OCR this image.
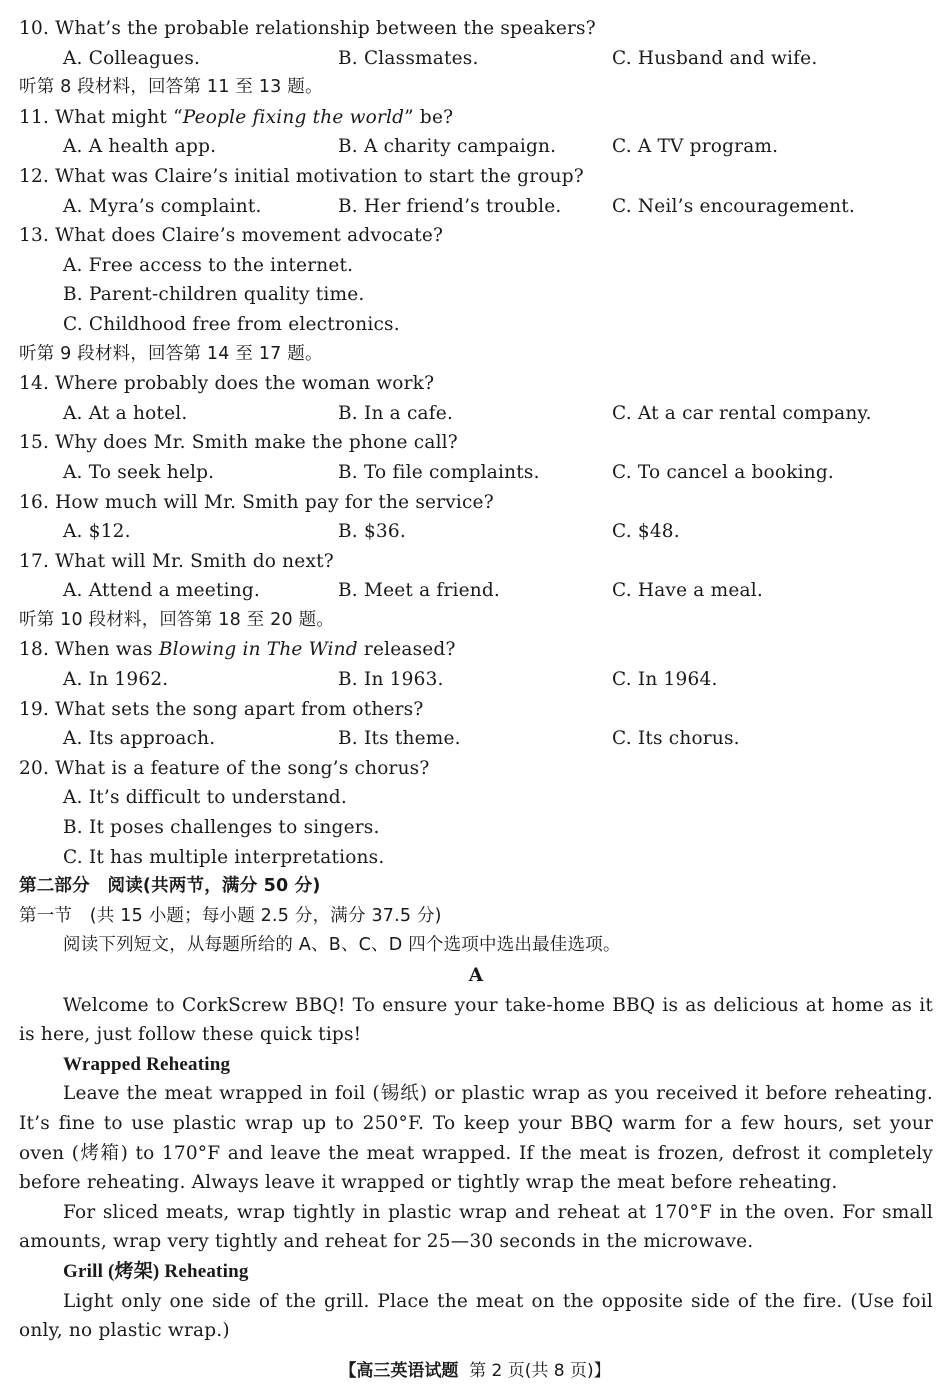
10. What’s the probable relationship between the speakers?
A. Colleagues.	B. Classmates.	C. Husband and wife.
听第 8 段材料，回答第 11 至 13 题。
11. What might “People fixing the world” be?
A. A health app.	B. A charity campaign.	C. A TV program.
12. What was Claire’s initial motivation to start the group?
A. Myra’s complaint.	B. Her friend’s trouble.	C. Neil’s encouragement.
13. What does Claire’s movement advocate?
A. Free access to the internet.
B. Parent-children quality time.
C. Childhood free from electronics.
听第 9 段材料，回答第 14 至 17 题。
14. Where probably does the woman work?
A. At a hotel.	B. In a cafe.	C. At a car rental company.
15. Why does Mr. Smith make the phone call?
A. To seek help.	B. To file complaints.	C. To cancel a booking.
16. How much will Mr. Smith pay for the service?
A. $12.	B. $36.	C. $48.
17. What will Mr. Smith do next?
A. Attend a meeting.	B. Meet a friend.	C. Have a meal.
听第 10 段材料，回答第 18 至 20 题。
18. When was Blowing in The Wind released?
A. In 1962.	B. In 1963.	C. In 1964.
19. What sets the song apart from others?
A. Its approach.	B. Its theme.	C. Its chorus.
20. What is a feature of the song’s chorus?
A. It’s difficult to understand.
B. It poses challenges to singers.
C. It has multiple interpretations.
第二部分　阅读(共两节，满分 50 分)
第一节　(共 15 小题；每小题 2.5 分，满分 37.5 分)
阅读下列短文，从每题所给的 A、B、C、D 四个选项中选出最佳选项。
A

Welcome to CorkScrew BBQ! To ensure your take-home BBQ is as delicious at home as it is here, just follow these quick tips!

Wrapped Reheating

Leave the meat wrapped in foil (锡纸) or plastic wrap as you received it before reheating. It’s fine to use plastic wrap up to 250°F. To keep your BBQ warm for a few hours, set your oven (烤箱) to 170°F and leave the meat wrapped. If the meat is frozen, defrost it completely before reheating. Always leave it wrapped or tightly wrap the meat before reheating.

For sliced meats, wrap tightly in plastic wrap and reheat at 170°F in the oven. For small amounts, wrap very tightly and reheat for 25—30 seconds in the microwave.

Grill (烤架) Reheating

Light only one side of the grill. Place the meat on the opposite side of the fire. (Use foil only, no plastic wrap.)

【高三英语试题 第 2 页(共 8 页)】
